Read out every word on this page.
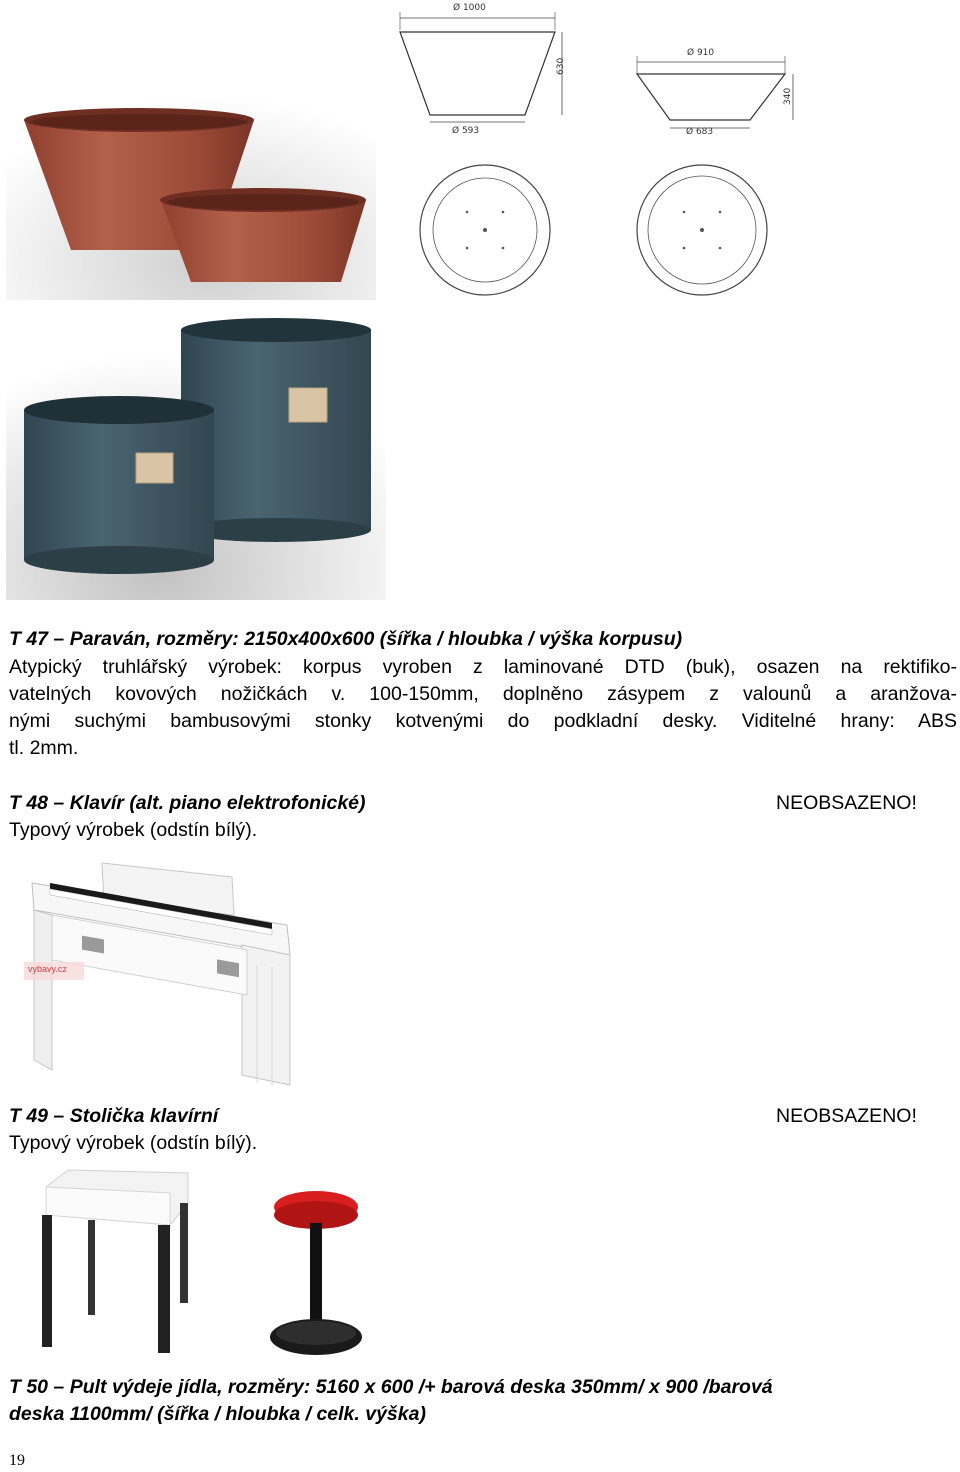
Ø 1000
Ø 593
630
Ø 910
Ø 683
340
T 47 – Paraván, rozměry: 2150x400x600 (šířka / hloubka / výška korpusu)
Atypický truhlářský výrobek: korpus vyroben z laminované DTD (buk), osazen na rektifiko-
vatelných kovových nožičkách v. 100-150mm, doplněno zásypem z valounů a aranžova-
nými suchými bambusovými stonky kotvenými do podkladní desky. Viditelné hrany: ABS
tl. 2mm.
T 48 – Klavír (alt. piano elektrofonické)	NEOBSAZENO!
Typový výrobek (odstín bílý).
vybavy.cz
T 49 – Stolička klavírní	NEOBSAZENO!
Typový výrobek (odstín bílý).
T 50 – Pult výdeje jídla, rozměry: 5160 x 600 /+ barová deska 350mm/ x 900 /barová
deska 1100mm/ (šířka / hloubka / celk. výška)
19
